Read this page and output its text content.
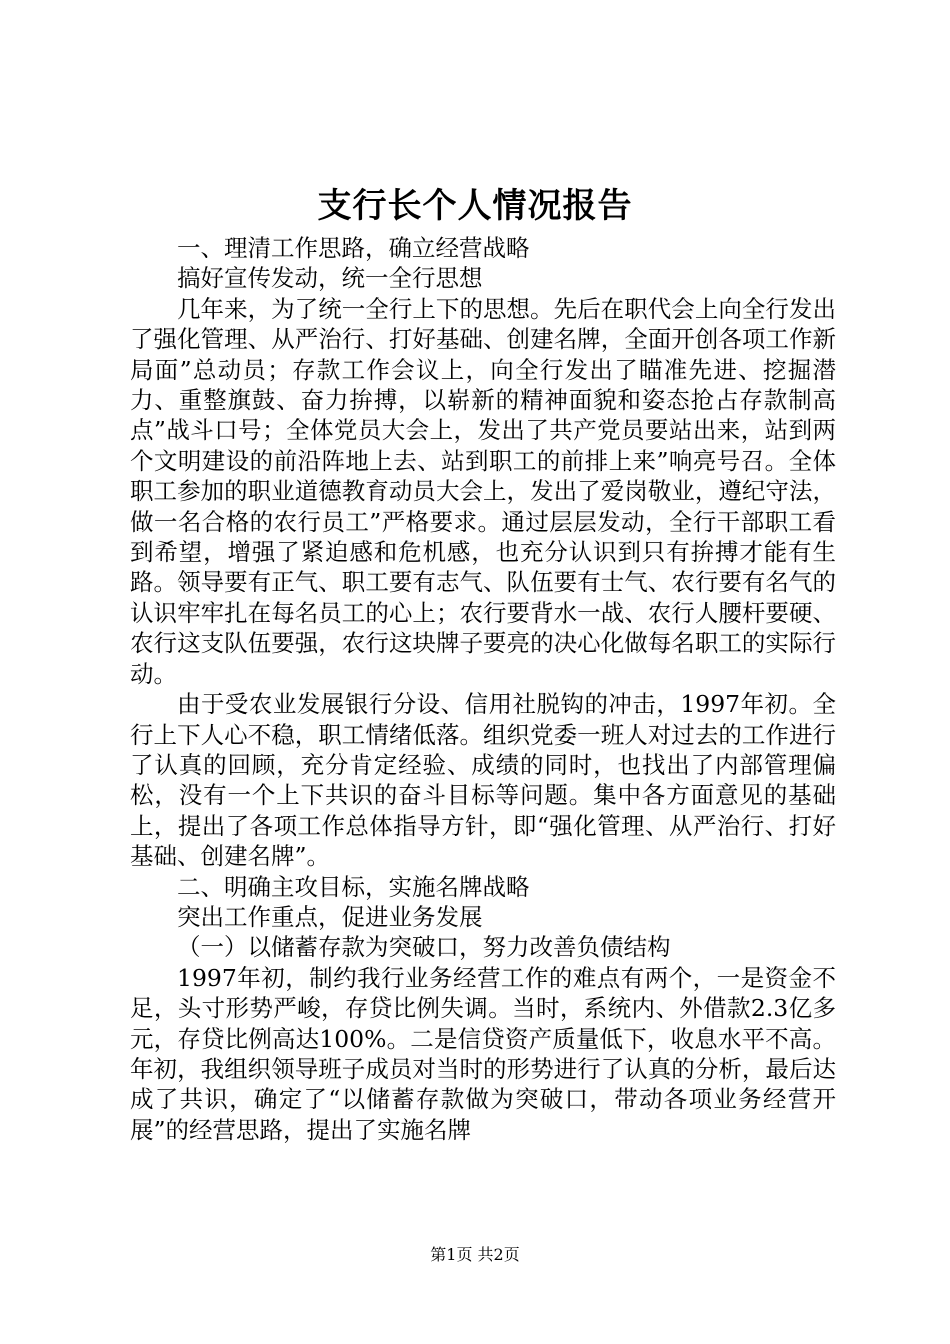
支行长个人情况报告

一、理清工作思路，确立经营战略

搞好宣传发动，统一全行思想

几年来，为了统一全行上下的思想。先后在职代会上向全行发出了强化管理、从严治行、打好基础、创建名牌，全面开创各项工作新局面”总动员；存款工作会议上，向全行发出了瞄准先进、挖掘潜力、重整旗鼓、奋力拚搏，以崭新的精神面貌和姿态抢占存款制高点”战斗口号；全体党员大会上，发出了共产党员要站出来，站到两个文明建设的前沿阵地上去、站到职工的前排上来”响亮号召。全体职工参加的职业道德教育动员大会上，发出了爱岗敬业，遵纪守法，做一名合格的农行员工”严格要求。通过层层发动，全行干部职工看到希望，增强了紧迫感和危机感，也充分认识到只有拚搏才能有生路。领导要有正气、职工要有志气、队伍要有士气、农行要有名气的认识牢牢扎在每名员工的心上；农行要背水一战、农行人腰杆要硬、农行这支队伍要强，农行这块牌子要亮的决心化做每名职工的实际行动。

由于受农业发展银行分设、信用社脱钩的冲击，1997年初。全行上下人心不稳，职工情绪低落。组织党委一班人对过去的工作进行了认真的回顾，充分肯定经验、成绩的同时，也找出了内部管理偏松，没有一个上下共识的奋斗目标等问题。集中各方面意见的基础上，提出了各项工作总体指导方针，即“强化管理、从严治行、打好基础、创建名牌”。

二、明确主攻目标，实施名牌战略

突出工作重点，促进业务发展

（一）以储蓄存款为突破口，努力改善负债结构

1997年初，制约我行业务经营工作的难点有两个，一是资金不足，头寸形势严峻，存贷比例失调。当时，系统内、外借款2.3亿多元，存贷比例高达100%。二是信贷资产质量低下，收息水平不高。年初，我组织领导班子成员对当时的形势进行了认真的分析，最后达成了共识，确定了“以储蓄存款做为突破口，带动各项业务经营开展”的经营思路，提出了实施名牌

第1页 共2页
